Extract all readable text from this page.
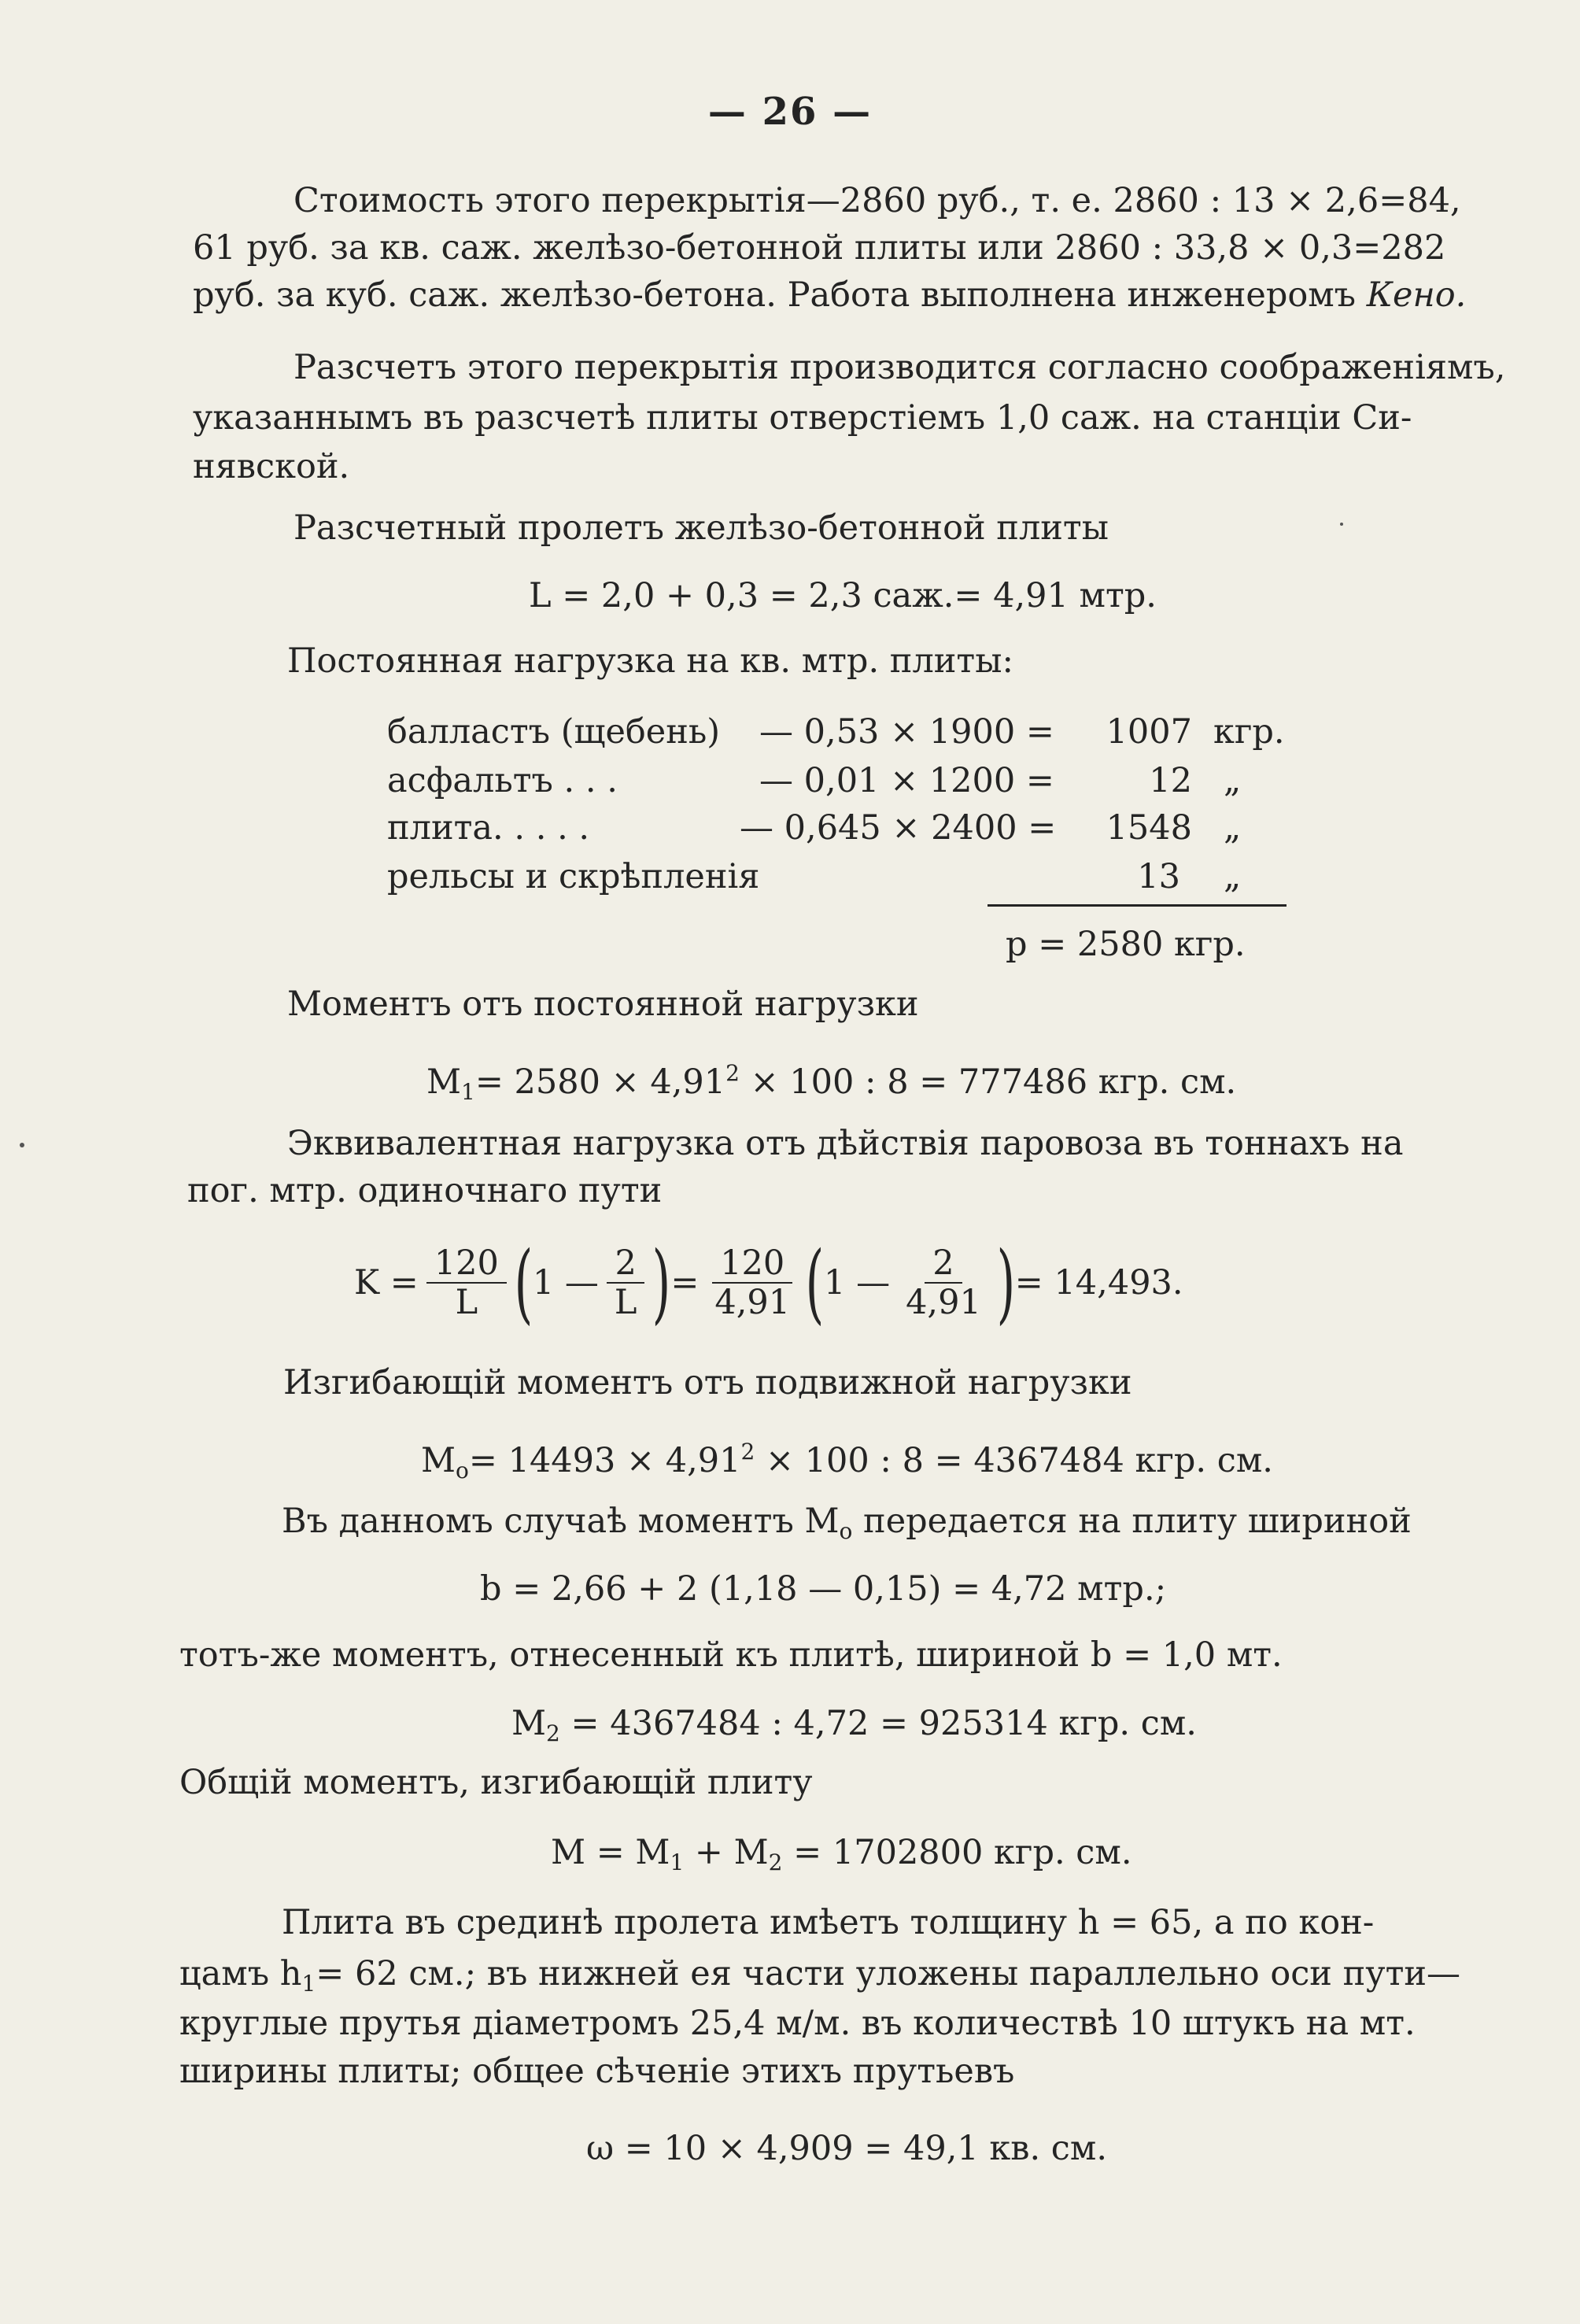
— 26 —

Стоимость этого перекрытія—2860 руб., т. е. 2860 : 13 × 2,6=84,

61 руб. за кв. саж. желѣзо-бетонной плиты или 2860 : 33,8 × 0,3=282

руб. за куб. саж. желѣзо-бетона. Работа выполнена инженеромъ Кено.

Разсчетъ этого перекрытія производится согласно соображеніямъ,

указаннымъ въ разсчетѣ плиты отверстіемъ 1,0 саж. на станціи Си-

нявской.

Разсчетный пролетъ желѣзо-бетонной плиты

L = 2,0 + 0,3 = 2,3 саж.= 4,91 мтр.

Постоянная нагрузка на кв. мтр. плиты:

балластъ (щебень) — 0,53 × 1900 = 1007 кгр.

асфальтъ . . .	— 0,01 × 1200 =	12 „

плита. . . . .	— 0,645 × 2400 = 1548 „

рельсы и скрѣпленія	13 „

p = 2580 кгр.

Моментъ отъ постоянной нагрузки

$M_1= 2580 \times 4,91^2 \times 100$ : 8 = 777486 кгр. см.

Эквивалентная нагрузка отъ дѣйствія паровоза въ тоннахъ на

пог. мтр. одиночнаго пути

$K = \frac{120}{L}$ ( 1 — $\frac{2}{L}$ ) = $\frac{120}{4,91}$ ( 1 — $\frac{2}{4,91}$ ) = 14,493.

Изгибающій моментъ отъ подвижной нагрузки

$M_o= 14493 \times 4,91^2 \times 100$ : 8 = 4367484 кгр. см.

Въ данномъ случаѣ моментъ $M_o$ передается на плиту шириной

b = 2,66 + 2 (1,18 — 0,15) = 4,72 мтр.;

тотъ-же моментъ, отнесенный къ плитѣ, шириной b = 1,0 мт.

$M_2 = 4367484$ : 4,72 = 925314 кгр. см.

Общій моментъ, изгибающій плиту

$M = M_1 + M_2 = 1702800$ кгр. см.

Плита въ срединѣ пролета имѣетъ толщину h = 65, а по кон-

цамъ $h_1= 62$ см.; въ нижней ея части уложены параллельно оси пути—

круглые прутья діаметромъ 25,4 м/м. въ количествѣ 10 штукъ на мт.

ширины плиты; общее сѣченіе этихъ прутьевъ

ω = 10 × 4,909 = 49,1 кв. см.
